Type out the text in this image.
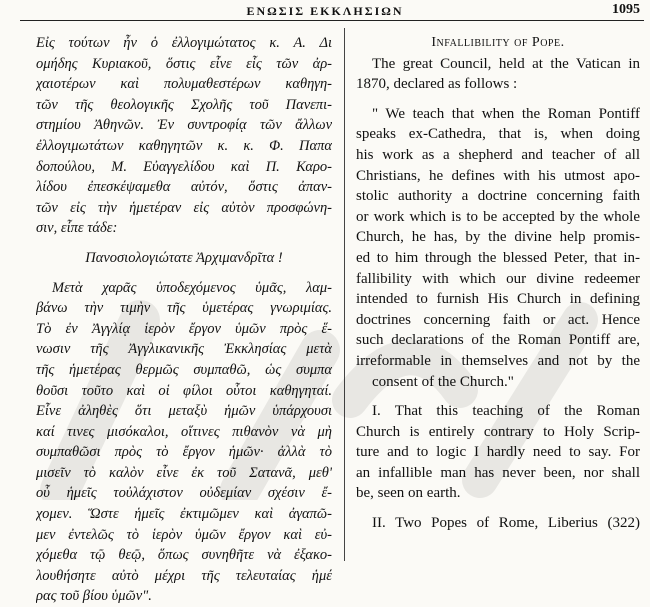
ΕΝΩΣΙΣ ΕΚΚΛΗΣΙΩΝ	1095
Εἰς τούτων ἦν ὁ ἐλλογιμώτατος κ. Α. Δι
ομήδης Κυριακοῦ, ὅστις εἶνε εἷς τῶν ἀρ-
χαιοτέρων καὶ πολυμαθεστέρων καθηγη-
τῶν τῆς θεολογικῆς Σχολῆς τοῦ Πανεπι-
στημίου Ἀθηνῶν. Ἐν συντροφίᾳ τῶν ἄλλων
ἐλλογιμωτάτων καθηγητῶν κ. κ. Φ. Παπα
δοπούλου, Μ. Εὐαγγελίδου καὶ Π. Καρο-
λίδου ἐπεσκέψαμεθα αὐτόν, ὅστις ἀπαν-
τῶν εἰς τὴν ἡμετέραν εἰς αὐτὸν προσφώνη-
σιν, εἶπε τάδε:
Πανοσιολογιώτατε Ἀρχιμανδρῖτα !
Μετὰ χαρᾶς ὑποδεχόμενος ὑμᾶς, λαμ-
βάνω τὴν τιμὴν τῆς ὑμετέρας γνωριμίας.
Τὸ ἐν Ἀγγλίᾳ ἱερὸν ἔργον ὑμῶν πρὸς ἕ-
νωσιν τῆς Ἀγγλικανικῆς Ἐκκλησίας μετὰ
τῆς ἡμετέρας θερμῶς συμπαθῶ, ὡς συμπα
θοῦσι τοῦτο καὶ οἱ φίλοι οὗτοι καθηγηταί.
Εἶνε ἀληθὲς ὅτι μεταξὺ ἡμῶν ὑπάρχουσι
καί τινες μισόκαλοι, οἵτινες πιθανὸν νὰ μὴ
συμπαθῶσι πρὸς τὸ ἔργον ἡμῶν· ἀλλὰ τὸ
μισεῖν τὸ καλὸν εἶνε ἐκ τοῦ Σατανᾶ, μεθ'
οὗ ἡμεῖς τοὐλάχιστον οὐδεμίαν σχέσιν ἔ-
χομεν. Ὥστε ἡμεῖς ἐκτιμῶμεν καὶ ἀγαπῶ-
μεν ἐντελῶς τὸ ἱερὸν ὑμῶν ἔργον καὶ εὐ-
χόμεθα τῷ θεῷ, ὅπως συνηθῆτε νὰ ἐξακο-
λουθήσητε αὐτὸ μέχρι τῆς τελευταίας ἡμέ
ρας τοῦ βίου ὑμῶν".
Infallibility of Pope.
The great Council, held at the Vatican in
1870, declared as follows :
" We teach that when the Roman Pontiff
speaks ex-Cathedra, that is, when doing
his work as a shepherd and teacher of all
Christians, he defines with his utmost apo-
stolic authority a doctrine concerning faith
or work which is to be accepted by the whole
Church, he has, by the divine help promis-
ed to him through the blessed Peter, that in-
fallibility with which our divine redeemer
intended to furnish His Church in defining
doctrines concerning faith or act. Hence
such declarations of the Roman Pontiff are,
irreformable in themselves and not by the
consent of the Church."
I. That this teaching of the Roman
Church is entirely contrary to Holy Scrip-
ture and to logic I hardly need to say. For
an infallible man has never been, nor shall
be, seen on earth.
II. Two Popes of Rome, Liberius (322)
